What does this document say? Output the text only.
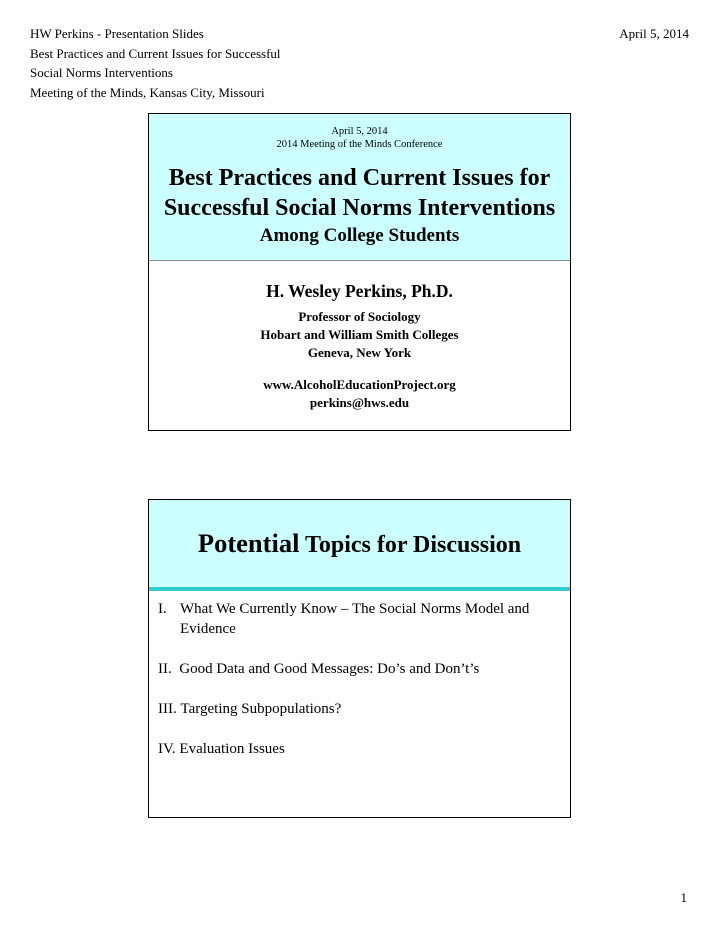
HW Perkins - Presentation Slides
Best Practices and Current Issues for Successful
Social Norms Interventions
Meeting of the Minds, Kansas City, Missouri
April 5, 2014
April 5, 2014
2014 Meeting of the Minds Conference
Best Practices and Current Issues for
Successful Social Norms Interventions
Among College Students
H. Wesley Perkins, Ph.D.
Professor of Sociology
Hobart and William Smith Colleges
Geneva, New York
www.AlcoholEducationProject.org
perkins@hws.edu
Potential Topics for Discussion
I. What We Currently Know – The Social Norms Model and Evidence
II.
Good Data and Good Messages: Do’s and Don’t’s
III.
Targeting Subpopulations?
IV.
Evaluation Issues
1
